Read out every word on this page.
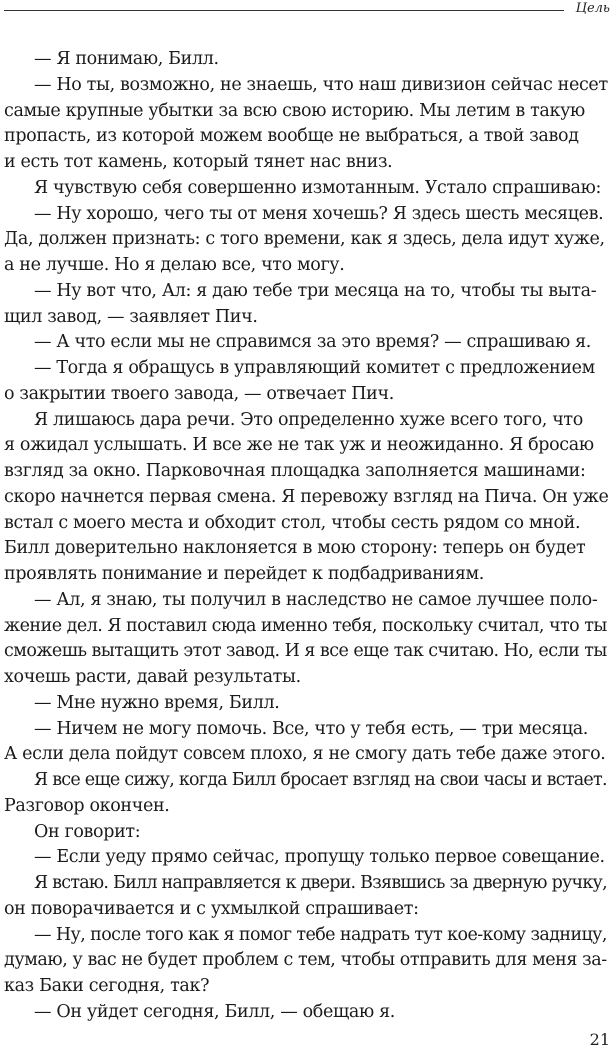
Цель
— Я понимаю, Билл.
— Но ты, возможно, не знаешь, что наш дивизион сейчас несет
самые крупные убытки за всю свою историю. Мы летим в такую
пропасть, из которой можем вообще не выбраться, а твой завод
и есть тот камень, который тянет нас вниз.
Я чувствую себя совершенно измотанным. Устало спрашиваю:
— Ну хорошо, чего ты от меня хочешь? Я здесь шесть месяцев.
Да, должен признать: с того времени, как я здесь, дела идут хуже,
а не лучше. Но я делаю все, что могу.
— Ну вот что, Ал: я даю тебе три месяца на то, чтобы ты выта-
щил завод, — заявляет Пич.
— А что если мы не справимся за это время? — спрашиваю я.
— Тогда я обращусь в управляющий комитет с предложением
о закрытии твоего завода, — отвечает Пич.
Я лишаюсь дара речи. Это определенно хуже всего того, что
я ожидал услышать. И все же не так уж и неожиданно. Я бросаю
взгляд за окно. Парковочная площадка заполняется машинами:
скоро начнется первая смена. Я перевожу взгляд на Пича. Он уже
встал с моего места и обходит стол, чтобы сесть рядом со мной.
Билл доверительно наклоняется в мою сторону: теперь он будет
проявлять понимание и перейдет к подбадриваниям.
— Ал, я знаю, ты получил в наследство не самое лучшее поло-
жение дел. Я поставил сюда именно тебя, поскольку считал, что ты
сможешь вытащить этот завод. И я все еще так считаю. Но, если ты
хочешь расти, давай результаты.
— Мне нужно время, Билл.
— Ничем не могу помочь. Все, что у тебя есть, — три месяца.
А если дела пойдут совсем плохо, я не смогу дать тебе даже этого.
Я все еще сижу, когда Билл бросает взгляд на свои часы и встает.
Разговор окончен.
Он говорит:
— Если уеду прямо сейчас, пропущу только первое совещание.
Я встаю. Билл направляется к двери. Взявшись за дверную ручку,
он поворачивается и с ухмылкой спрашивает:
— Ну, после того как я помог тебе надрать тут кое-кому задницу,
думаю, у вас не будет проблем с тем, чтобы отправить для меня за-
каз Баки сегодня, так?
— Он уйдет сегодня, Билл, — обещаю я.
21
